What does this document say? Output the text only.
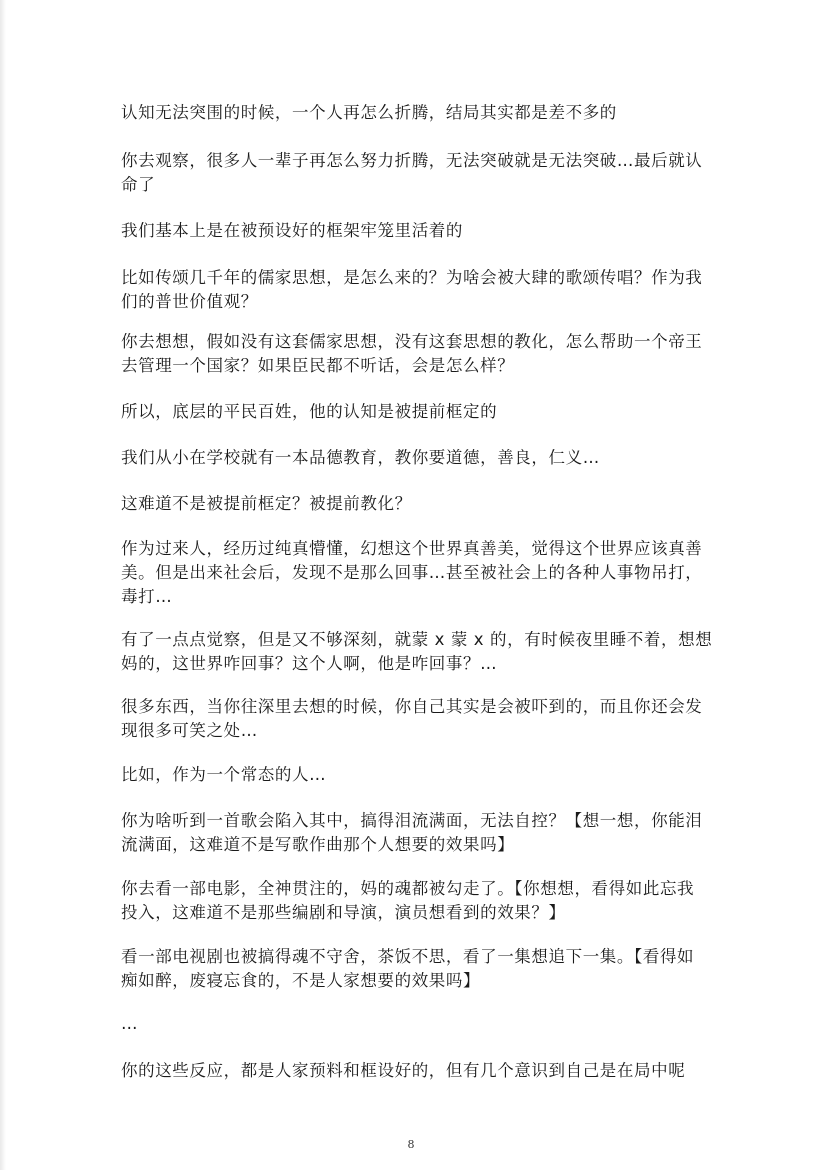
认知无法突围的时候，一个人再怎么折腾，结局其实都是差不多的

你去观察，很多人一辈子再怎么努力折腾，无法突破就是无法突破…最后就认
命了

我们基本上是在被预设好的框架牢笼里活着的

比如传颂几千年的儒家思想，是怎么来的？为啥会被大肆的歌颂传唱？作为我
们的普世价值观？

你去想想，假如没有这套儒家思想，没有这套思想的教化，怎么帮助一个帝王
去管理一个国家？如果臣民都不听话，会是怎么样？

所以，底层的平民百姓，他的认知是被提前框定的

我们从小在学校就有一本品德教育，教你要道德，善良，仁义…

这难道不是被提前框定？被提前教化？

作为过来人，经历过纯真懵懂，幻想这个世界真善美，觉得这个世界应该真善
美。但是出来社会后，发现不是那么回事…甚至被社会上的各种人事物吊打，
毒打…

有了一点点觉察，但是又不够深刻，就蒙 x 蒙 x 的，有时候夜里睡不着，想想
妈的，这世界咋回事？这个人啊，他是咋回事？…

很多东西，当你往深里去想的时候，你自己其实是会被吓到的，而且你还会发
现很多可笑之处…

比如，作为一个常态的人…

你为啥听到一首歌会陷入其中，搞得泪流满面，无法自控？【想一想，你能泪
流满面，这难道不是写歌作曲那个人想要的效果吗】

你去看一部电影，全神贯注的，妈的魂都被勾走了。【你想想，看得如此忘我
投入，这难道不是那些编剧和导演，演员想看到的效果？】

看一部电视剧也被搞得魂不守舍，茶饭不思，看了一集想追下一集。【看得如
痴如醉，废寝忘食的，不是人家想要的效果吗】

…

你的这些反应，都是人家预料和框设好的，但有几个意识到自己是在局中呢

8
